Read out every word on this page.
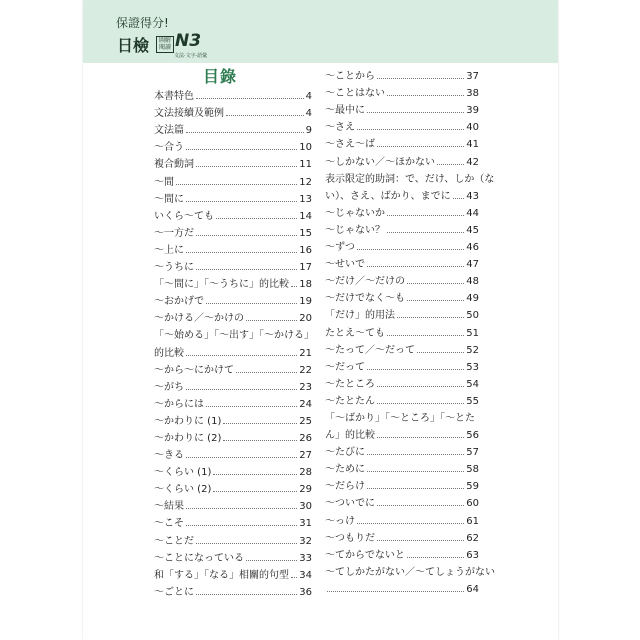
保證得分!
日檢	圖解 閱讀 N3
文法·文字·語彙
目錄
本書特色	4
文法接續及範例	4
文法篇	9
～合う	10
複合動詞	11
～間	12
～間に	13
いくら～ても	14
～一方だ	15
～上に	16
～うちに	17
「～間に」「～うちに」的比較 18
～おかげで	19
～かける／～かけの	20
「～始める」「～出す」「～かける」
的比較	21
～から～にかけて	22
～がち	23
～からには	24
～かわりに (1)	25
～かわりに (2)	26
～きる	27
～くらい (1)	28
～くらい (2)	29
～結果	30
～こそ	31
～ことだ	32
～ことになっている	33
和「する」「なる」相關的句型 34
～ごとに	36
～ことから	37
～ことはない	38
～最中に	39
～さえ	40
～さえ～ば	41
～しかない／～ほかない	42
表示限定的助詞：で、だけ、しか（な
い）、さえ、ばかり、までに 43
～じゃないか	44
～じゃない？	45
～ずつ	46
～せいで	47
～だけ／～だけの	48
～だけでなく～も	49
「だけ」的用法	50
たとえ～ても	51
～たって／～だって	52
～だって	53
～たところ	54
～たとたん	55
「～ばかり」「～ところ」「～とた
ん」的比較	56
～たびに	57
～ために	58
～だらけ	59
～ついでに	60
～っけ	61
～つもりだ	62
～てからでないと	63
～てしかたがない／～てしょうがない
64
